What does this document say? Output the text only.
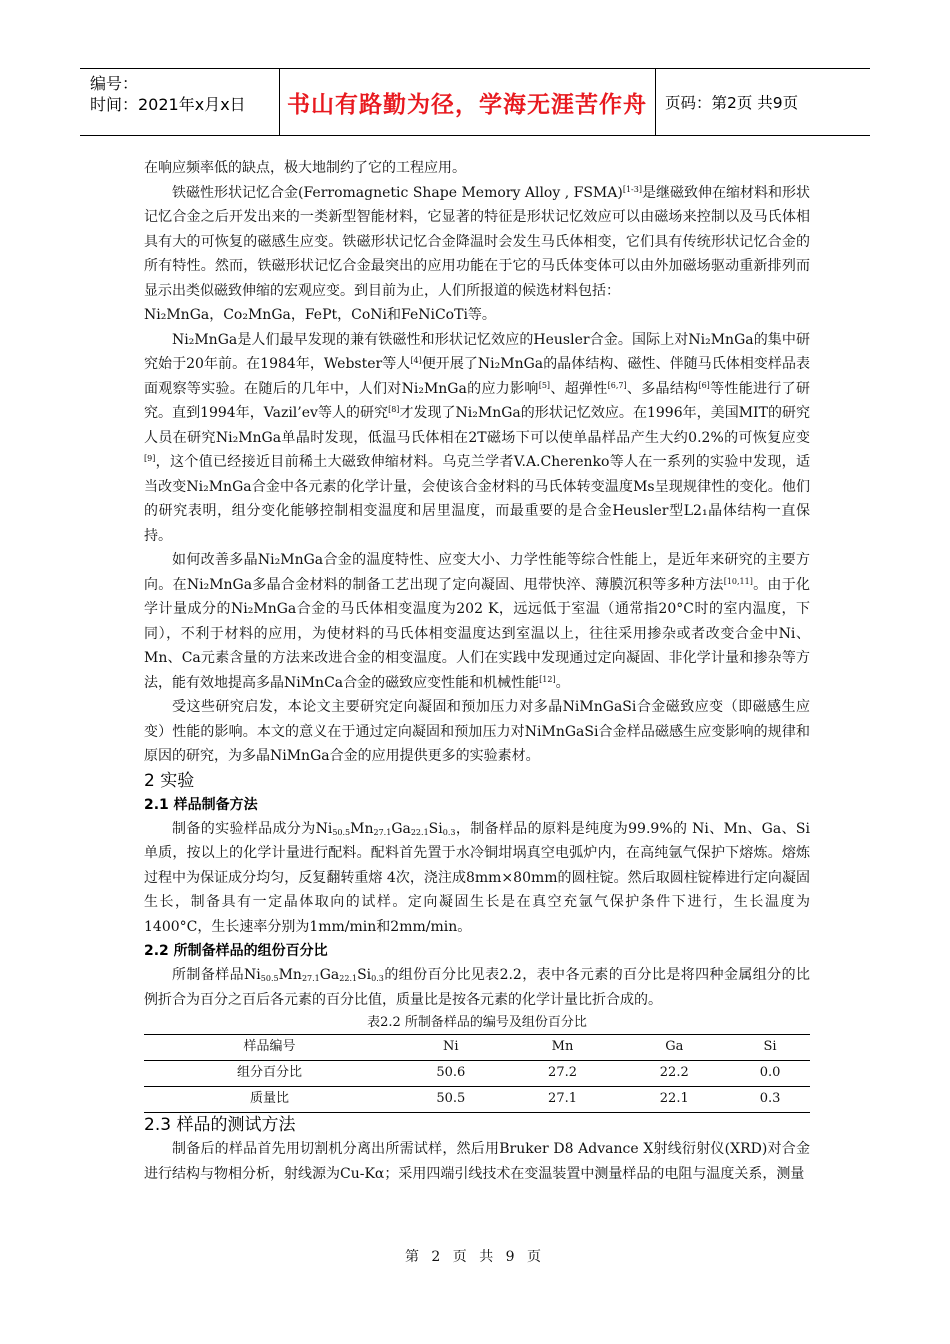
编号：
时间：2021年x月x日	书山有路勤为径，学海无涯苦作舟	页码：第2页 共9页

在响应频率低的缺点，极大地制约了它的工程应用。

铁磁性形状记忆合金(Ferromagnetic Shape Memory Alloy , FSMA)[1-3]是继磁致伸在缩材料和形状记忆合金之后开发出来的一类新型智能材料，它显著的特征是形状记忆效应可以由磁场来控制以及马氏体相具有大的可恢复的磁感生应变。铁磁形状记忆合金降温时会发生马氏体相变，它们具有传统形状记忆合金的所有特性。然而，铁磁形状记忆合金最突出的应用功能在于它的马氏体变体可以由外加磁场驱动重新排列而显示出类似磁致伸缩的宏观应变。到目前为止，人们所报道的候选材料包括：

Ni₂MnGa，Co₂MnGa，FePt，CoNi和FeNiCoTi等。

Ni₂MnGa是人们最早发现的兼有铁磁性和形状记忆效应的Heusler合金。国际上对Ni₂MnGa的集中研究始于20年前。在1984年，Webster等人[4]便开展了Ni₂MnGa的晶体结构、磁性、伴随马氏体相变样品表面观察等实验。在随后的几年中，人们对Ni₂MnGa的应力影响[5]、超弹性[6,7]、多晶结构[6]等性能进行了研究。直到1994年，Vazil’ev等人的研究[8]才发现了Ni₂MnGa的形状记忆效应。在1996年，美国MIT的研究人员在研究Ni₂MnGa单晶时发现，低温马氏体相在2T磁场下可以使单晶样品产生大约0.2%的可恢复应变[9]，这个值已经接近目前稀土大磁致伸缩材料。乌克兰学者V.A.Cherenko等人在一系列的实验中发现，适当改变Ni₂MnGa合金中各元素的化学计量，会使该合金材料的马氏体转变温度Ms呈现规律性的变化。他们的研究表明，组分变化能够控制相变温度和居里温度，而最重要的是合金Heusler型L2₁晶体结构一直保持。

如何改善多晶Ni₂MnGa合金的温度特性、应变大小、力学性能等综合性能上，是近年来研究的主要方向。在Ni₂MnGa多晶合金材料的制备工艺出现了定向凝固、甩带快淬、薄膜沉积等多种方法[10,11]。由于化学计量成分的Ni₂MnGa合金的马氏体相变温度为202 K，远远低于室温（通常指20°C时的室内温度，下同），不利于材料的应用，为使材料的马氏体相变温度达到室温以上，往往采用掺杂或者改变合金中Ni、Mn、Ca元素含量的方法来改进合金的相变温度。人们在实践中发现通过定向凝固、非化学计量和掺杂等方法，能有效地提高多晶NiMnCa合金的磁致应变性能和机械性能[12]。

受这些研究启发，本论文主要研究定向凝固和预加压力对多晶NiMnGaSi合金磁致应变（即磁感生应变）性能的影响。本文的意义在于通过定向凝固和预加压力对NiMnGaSi合金样品磁感生应变影响的规律和原因的研究，为多晶NiMnGa合金的应用提供更多的实验素材。

2 实验
2.1 样品制备方法

制备的实验样品成分为$Ni_{50.5}Mn_{27.1}Ga_{22.1}Si_{0.3}$，制备样品的原料是纯度为99.9%的 Ni、Mn、Ga、Si单质，按以上的化学计量进行配料。配料首先置于水冷铜坩埚真空电弧炉内，在高纯氩气保护下熔炼。熔炼过程中为保证成分均匀，反复翻转重熔 4次，浇注成8mm×80mm的圆柱锭。然后取圆柱锭棒进行定向凝固生长，制备具有一定晶体取向的试样。定向凝固生长是在真空充氩气保护条件下进行，生长温度为1400°C，生长速率分别为1mm/min和2mm/min。

2.2 所制备样品的组份百分比

所制备样品$Ni_{50.5}Mn_{27.1}Ga_{22.1}Si_{0.3}$的组份百分比见表2.2，表中各元素的百分比是将四种金属组分的比例折合为百分之百后各元素的百分比值，质量比是按各元素的化学计量比折合成的。

表2.2 所制备样品的编号及组份百分比
样品编号	Ni	Mn	Ga	Si
组分百分比	50.6	27.2	22.2	0.0
质量比	50.5	27.1	22.1	0.3
2.3 样品的测试方法

制备后的样品首先用切割机分离出所需试样，然后用Bruker D8 Advance X射线衍射仪(XRD)对合金进行结构与物相分析，射线源为Cu-Kα；采用四端引线技术在变温装置中测量样品的电阻与温度关系，测量

第 2 页 共 9 页
